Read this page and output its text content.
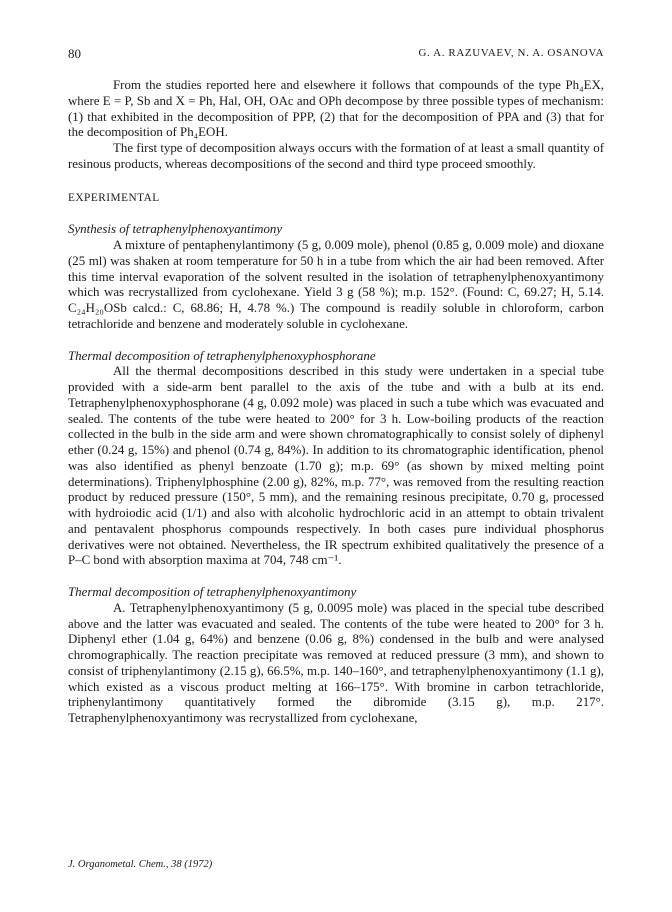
80	G. A. RAZUVAEV, N. A. OSANOVA

From the studies reported here and elsewhere it follows that compounds of the type Ph₄EX, where E = P, Sb and X = Ph, Hal, OH, OAc and OPh decompose by three possible types of mechanism: (1) that exhibited in the decomposition of PPP, (2) that for the decomposition of PPA and (3) that for the decomposition of Ph₄EOH.

The first type of decomposition always occurs with the formation of at least a small quantity of resinous products, whereas decompositions of the second and third type proceed smoothly.

EXPERIMENTAL

Synthesis of tetraphenylphenoxyantimony

A mixture of pentaphenylantimony (5 g, 0.009 mole), phenol (0.85 g, 0.009 mole) and dioxane (25 ml) was shaken at room temperature for 50 h in a tube from which the air had been removed. After this time interval evaporation of the solvent resulted in the isolation of tetraphenylphenoxyantimony which was recrystallized from cyclohexane. Yield 3 g (58 %); m.p. 152°. (Found: C, 69.27; H, 5.14. C₂₄H₂₀OSb calcd.: C, 68.86; H, 4.78 %.) The compound is readily soluble in chloroform, carbon tetrachloride and benzene and moderately soluble in cyclohexane.

Thermal decomposition of tetraphenylphenoxyphosphorane

All the thermal decompositions described in this study were undertaken in a special tube provided with a side-arm bent parallel to the axis of the tube and with a bulb at its end. Tetraphenylphenoxyphosphorane (4 g, 0.092 mole) was placed in such a tube which was evacuated and sealed. The contents of the tube were heated to 200° for 3 h. Low-boiling products of the reaction collected in the bulb in the side arm and were shown chromatographically to consist solely of diphenyl ether (0.24 g, 15%) and phenol (0.74 g, 84%). In addition to its chromatographic identification, phenol was also identified as phenyl benzoate (1.70 g); m.p. 69° (as shown by mixed melting point determinations). Triphenylphosphine (2.00 g), 82%, m.p. 77°, was removed from the resulting reaction product by reduced pressure (150°, 5 mm), and the remaining resinous precipitate, 0.70 g, processed with hydroiodic acid (1/1) and also with alcoholic hydrochloric acid in an attempt to obtain trivalent and pentavalent phosphorus compounds respectively. In both cases pure individual phosphorus derivatives were not obtained. Nevertheless, the IR spectrum exhibited qualitatively the presence of a P–C bond with absorption maxima at 704, 748 cm⁻¹.

Thermal decomposition of tetraphenylphenoxyantimony

A. Tetraphenylphenoxyantimony (5 g, 0.0095 mole) was placed in the special tube described above and the latter was evacuated and sealed. The contents of the tube were heated to 200° for 3 h. Diphenyl ether (1.04 g, 64%) and benzene (0.06 g, 8%) condensed in the bulb and were analysed chromographically. The reaction precipitate was removed at reduced pressure (3 mm), and shown to consist of triphenylantimony (2.15 g), 66.5%, m.p. 140–160°, and tetraphenylphenoxyantimony (1.1 g), which existed as a viscous product melting at 166–175°. With bromine in carbon tetrachloride, triphenylantimony quantitatively formed the dibromide (3.15 g), m.p. 217°. Tetraphenylphenoxyantimony was recrystallized from cyclohexane,

J. Organometal. Chem., 38 (1972)
